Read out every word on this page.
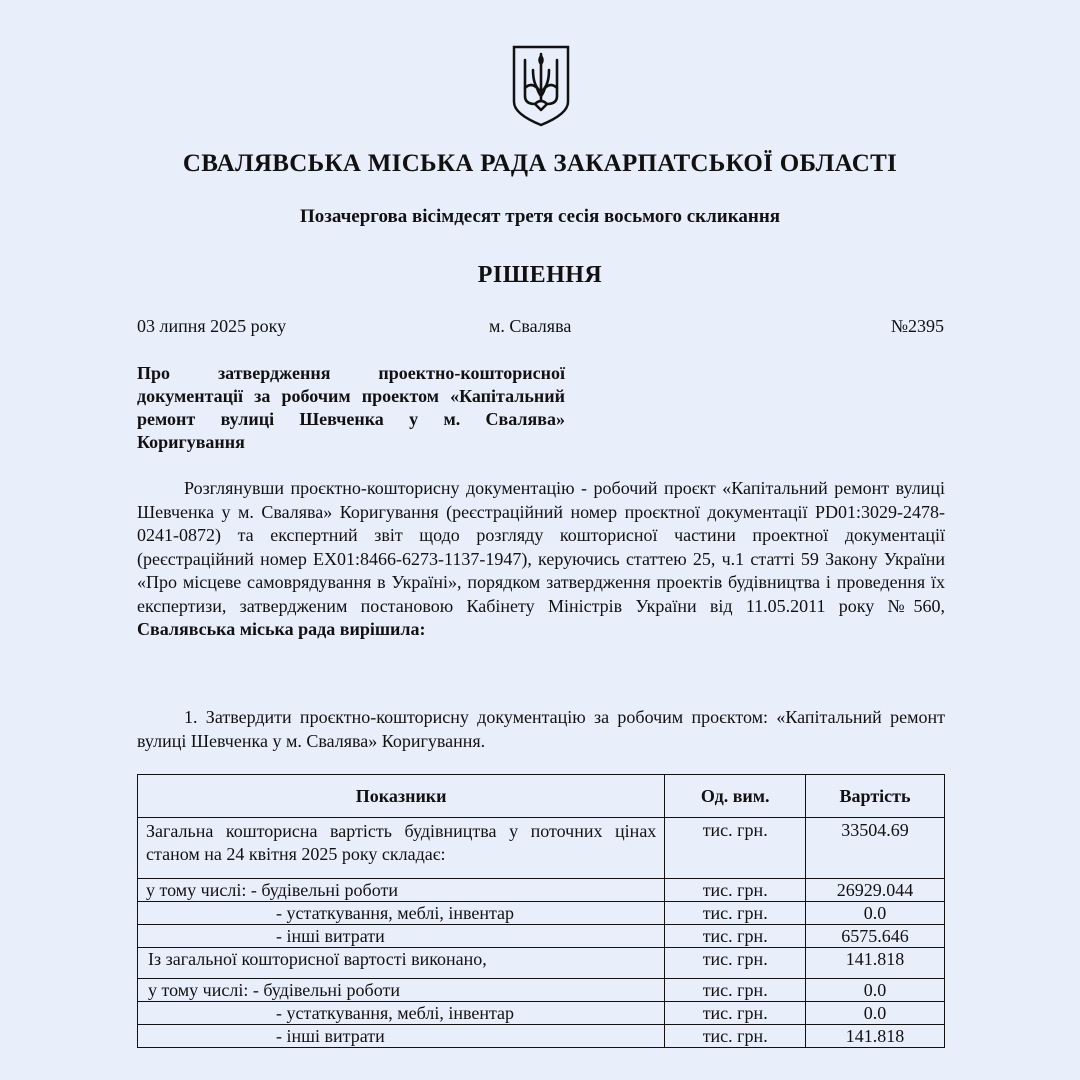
СВАЛЯВСЬКА МІСЬКА РАДА ЗАКАРПАТСЬКОЇ ОБЛАСТІ
Позачергова вісімдесят третя сесія восьмого скликання
РІШЕННЯ
03 липня 2025 року	м. Свалява	№2395
Про затвердження проектно-кошторисної документації за робочим проектом «Капітальний ремонт вулиці Шевченка у м. Свалява» Коригування
Розглянувши проєктно-кошторисну документацію - робочий проєкт «Капітальний ремонт вулиці Шевченка у м. Свалява» Коригування (реєстраційний номер проєктної документації PD01:3029-2478-0241-0872) та експертний звіт щодо розгляду кошторисної частини проектної документації (реєстраційний номер ЕХ01:8466-6273-1137-1947), керуючись статтею 25, ч.1 статті 59 Закону України «Про місцеве самоврядування в Україні», порядком затвердження проектів будівництва і проведення їх експертизи, затвердженим постановою Кабінету Міністрів України від 11.05.2011 року №560, Свалявська міська рада вирішила:
1. Затвердити проєктно-кошторисну документацію за робочим проєктом: «Капітальний ремонт вулиці Шевченка у м. Свалява» Коригування.
Показники	Од. вим.	Вартість
Загальна кошторисна вартість будівництва у поточних цінах станом на 24 квітня 2025 року складає:	тис. грн.	33504.69
у тому числі: - будівельні роботи	тис. грн.	26929.044
- устаткування, меблі, інвентар	тис. грн.	0.0
- інші витрати	тис. грн.	6575.646
Із загальної кошторисної вартості виконано,	тис. грн.	141.818
у тому числі: - будівельні роботи	тис. грн.	0.0
- устаткування, меблі, інвентар	тис. грн.	0.0
- інші витрати	тис. грн.	141.818
